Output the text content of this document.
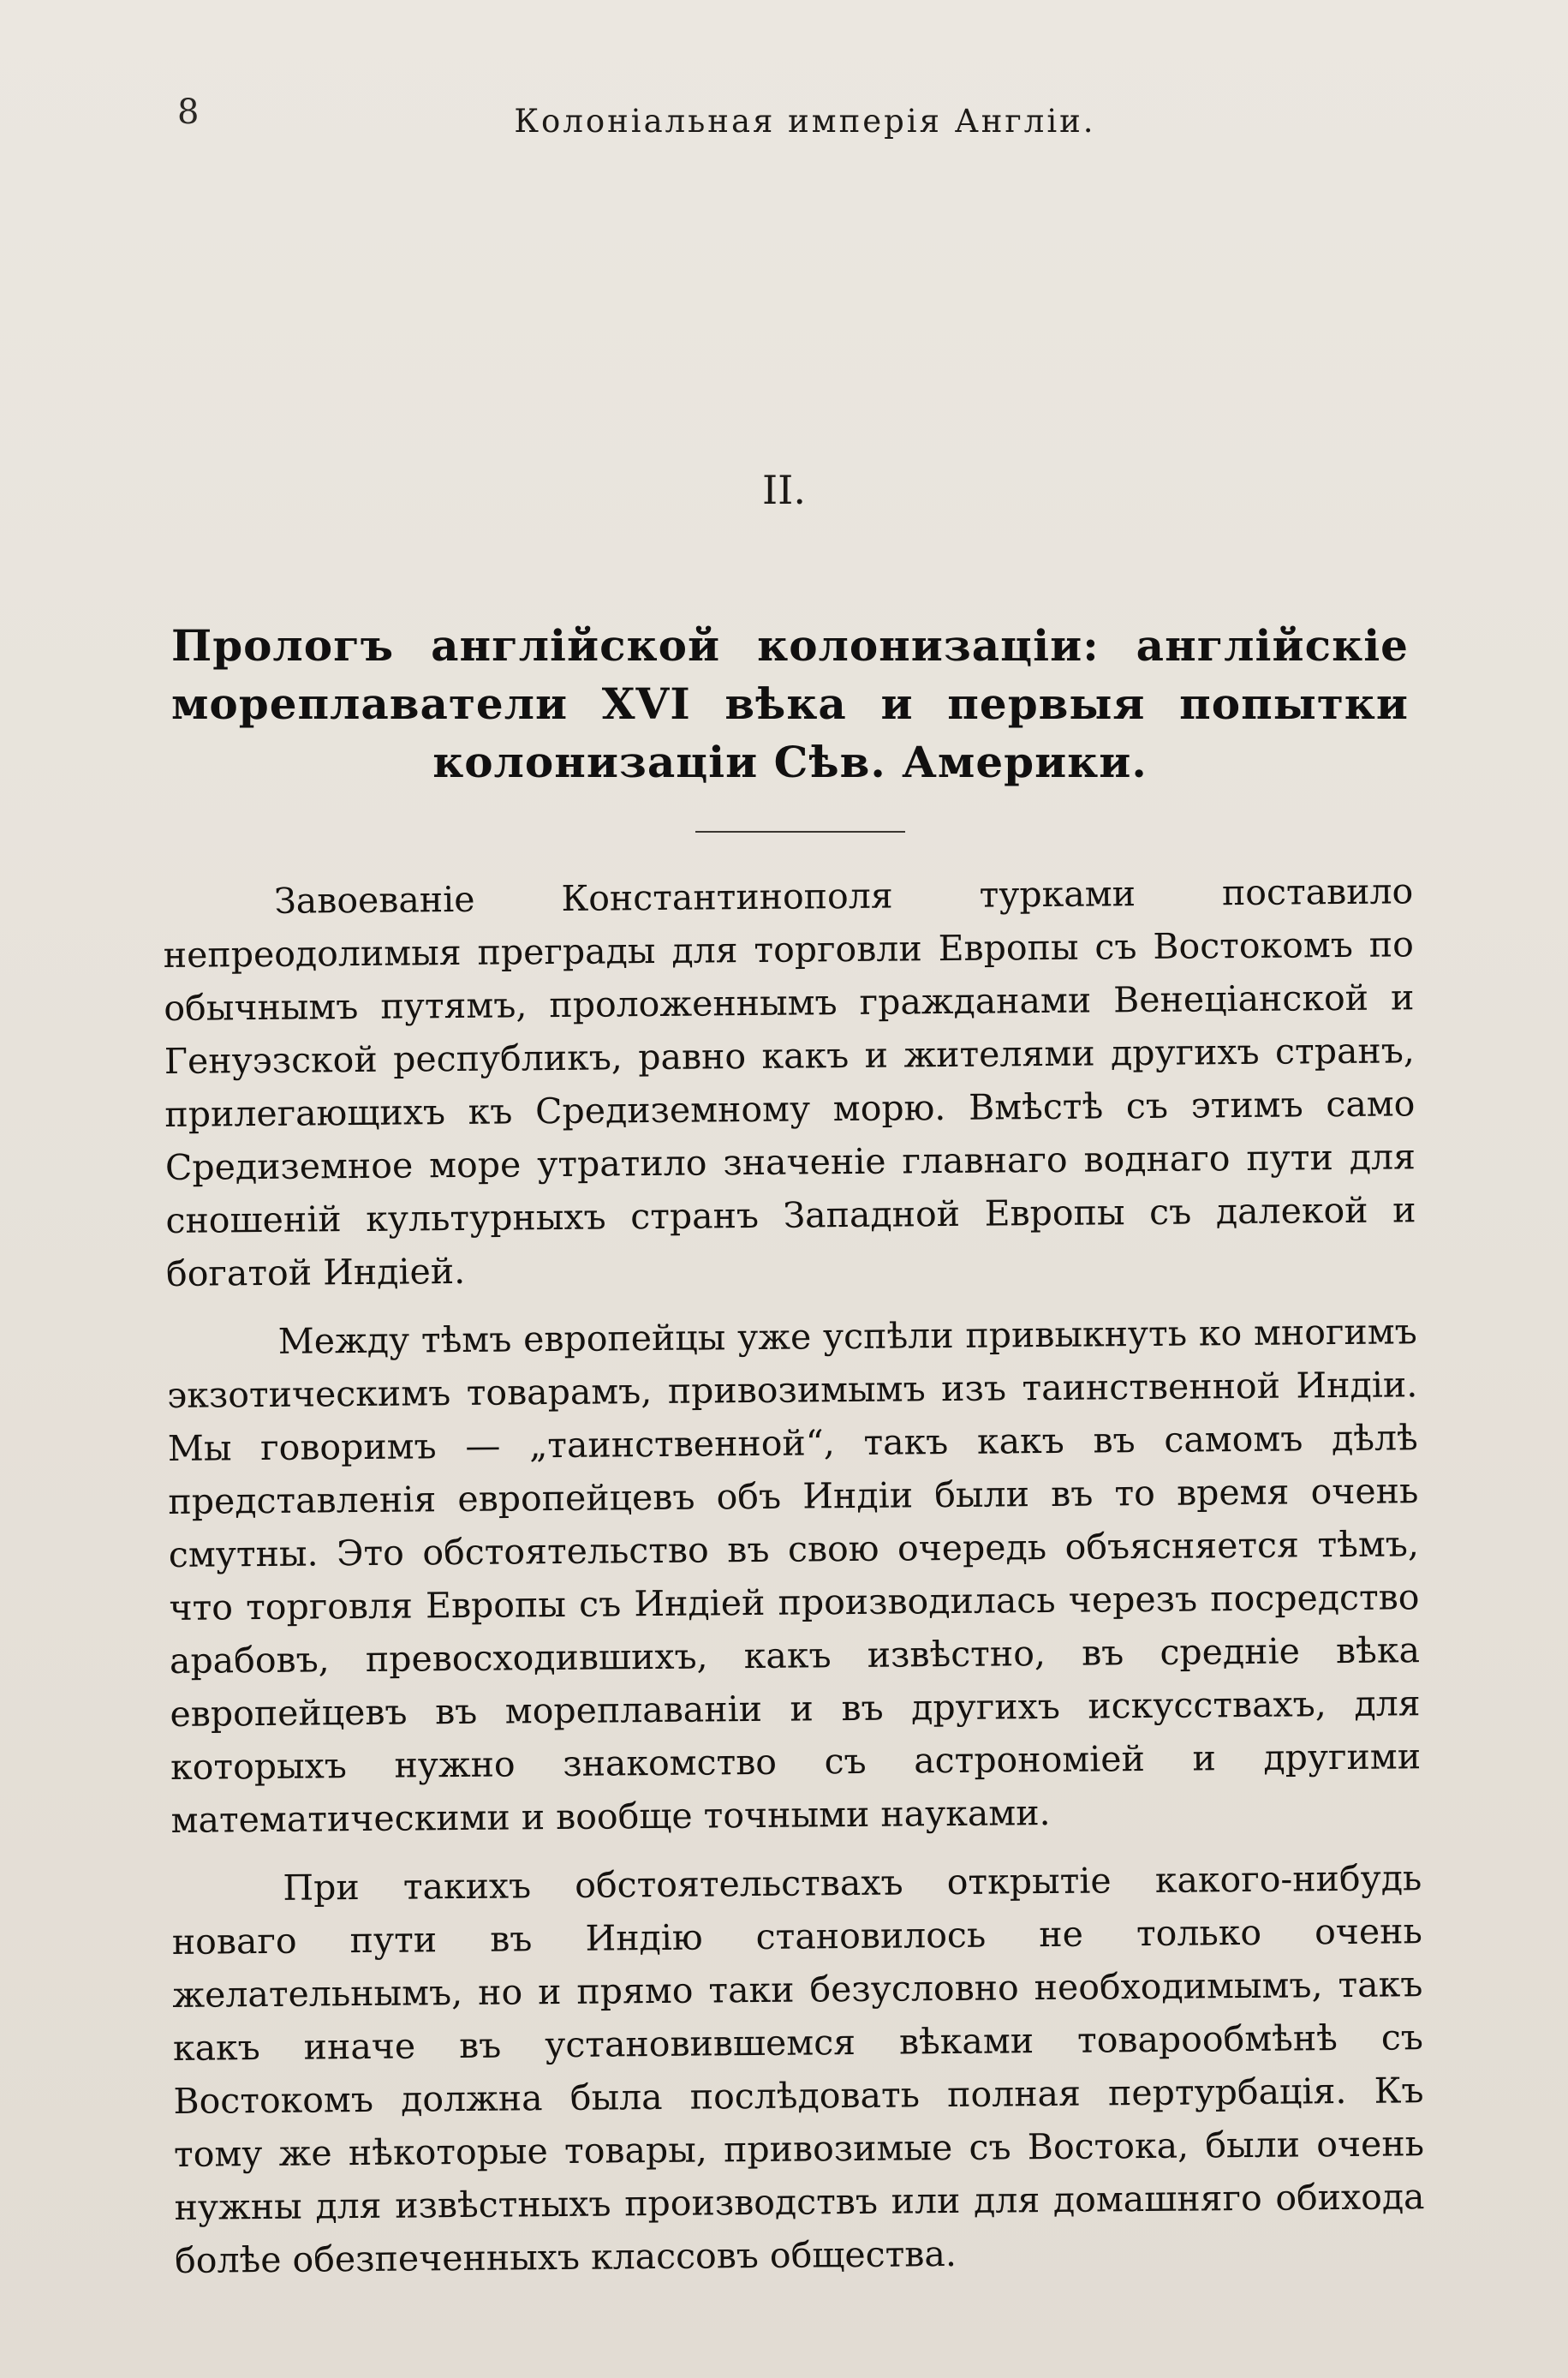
8	Колоніальная имперія Англіи.
II.
Прологъ англійской колонизаціи: англійскіе мореплаватели XVI вѣка и первыя попытки колонизаціи Сѣв. Америки.

Завоеваніе Константинополя турками поставило непреодолимыя преграды для торговли Европы съ Востокомъ по обычнымъ путямъ, проложеннымъ гражданами Венеціанской и Генуэзской республикъ, равно какъ и жителями другихъ странъ, прилегающихъ къ Средиземному морю. Вмѣстѣ съ этимъ само Средиземное море утратило значеніе главнаго воднаго пути для сношеній культурныхъ странъ Западной Европы съ далекой и богатой Индіей.

Между тѣмъ европейцы уже успѣли привыкнуть ко многимъ экзотическимъ товарамъ, привозимымъ изъ таинственной Индіи. Мы говоримъ — „таинственной“, такъ какъ въ самомъ дѣлѣ представленія европейцевъ объ Индіи были въ то время очень смутны. Это обстоятельство въ свою очередь объясняется тѣмъ, что торговля Европы съ Индіей производилась черезъ посредство арабовъ, превосходившихъ, какъ извѣстно, въ средніе вѣка европейцевъ въ мореплаваніи и въ другихъ искусствахъ, для которыхъ нужно знакомство съ астрономіей и другими математическими и вообще точными науками.

При такихъ обстоятельствахъ открытіе какого-нибудь новаго пути въ Индію становилось не только очень желательнымъ, но и прямо таки безусловно необходимымъ, такъ какъ иначе въ установившемся вѣками товарообмѣнѣ съ Востокомъ должна была послѣдовать полная пертурбація. Къ тому же нѣкоторые товары, привозимые съ Востока, были очень нужны для извѣстныхъ производствъ или для домашняго обихода болѣе обезпеченныхъ классовъ общества.
